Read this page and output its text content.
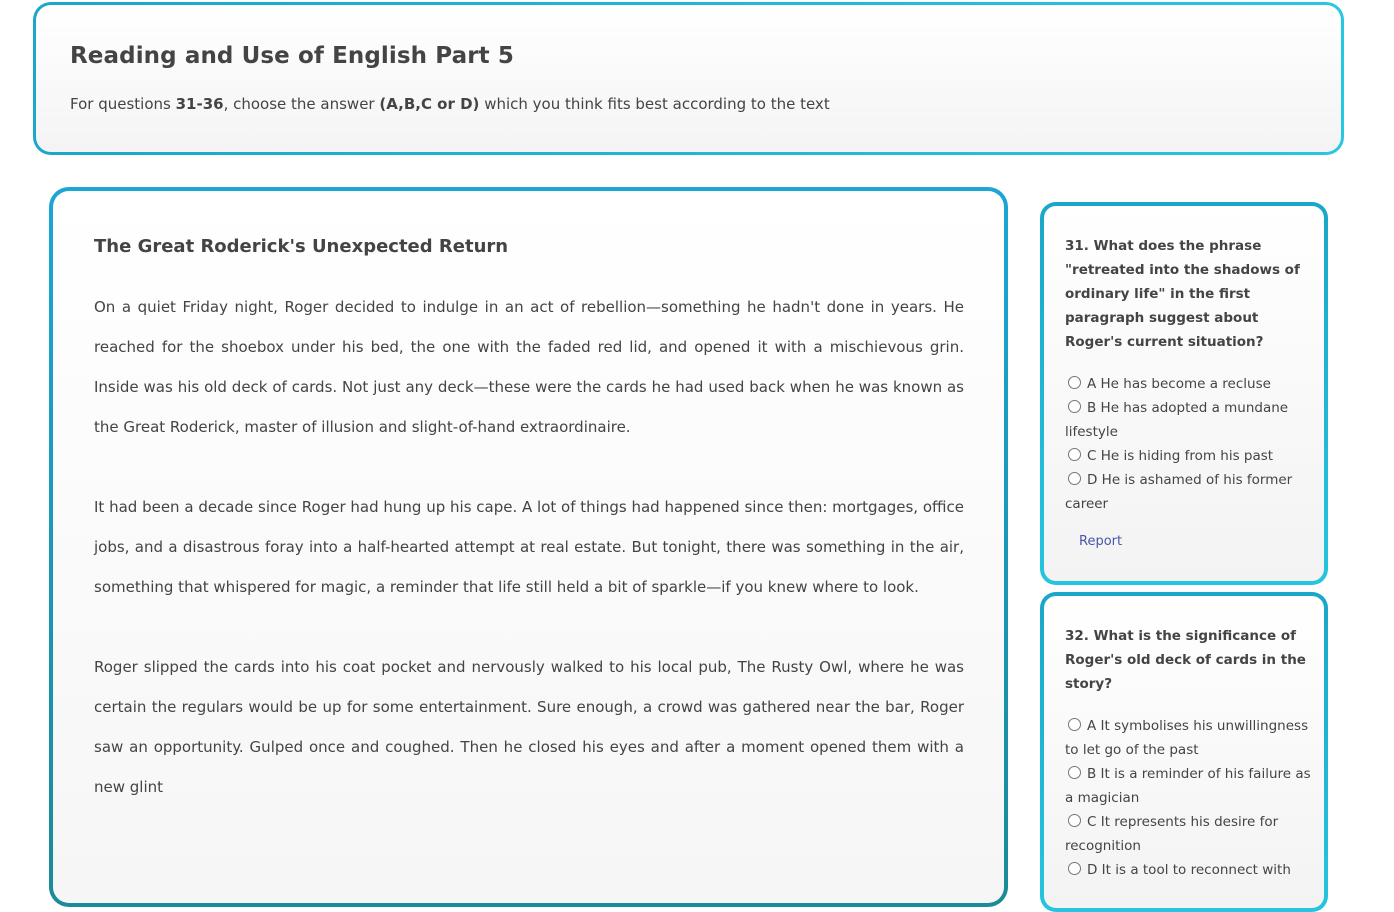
Reading and Use of English Part 5
For questions 31-36, choose the answer (A,B,C or D) which you think fits best according to the text
The Great Roderick's Unexpected Return

On a quiet Friday night, Roger decided to indulge in an act of rebellion—something he hadn't done in years. He reached for the shoebox under his bed, the one with the faded red lid, and opened it with a mischievous grin. Inside was his old deck of cards. Not just any deck—these were the cards he had used back when he was known as the Great Roderick, master of illusion and slight-of-hand extraordinaire.

It had been a decade since Roger had hung up his cape. A lot of things had happened since then: mortgages, office jobs, and a disastrous foray into a half-hearted attempt at real estate. But tonight, there was something in the air, something that whispered for magic, a reminder that life still held a bit of sparkle—if you knew where to look.

Roger slipped the cards into his coat pocket and nervously walked to his local pub, The Rusty Owl, where he was certain the regulars would be up for some entertainment. Sure enough, a crowd was gathered near the bar, Roger saw an opportunity. Gulped once and coughed. Then he closed his eyes and after a moment opened them with a new glint

31. What does the phrase "retreated into the shadows of ordinary life" in the first paragraph suggest about Roger's current situation?
A He has become a recluse
B He has adopted a mundane lifestyle
C He is hiding from his past
D He is ashamed of his former career
Report
32. What is the significance of Roger's old deck of cards in the story?
A It symbolises his unwillingness to let go of the past
B It is a reminder of his failure as a magician
C It represents his desire for recognition
D It is a tool to reconnect with
